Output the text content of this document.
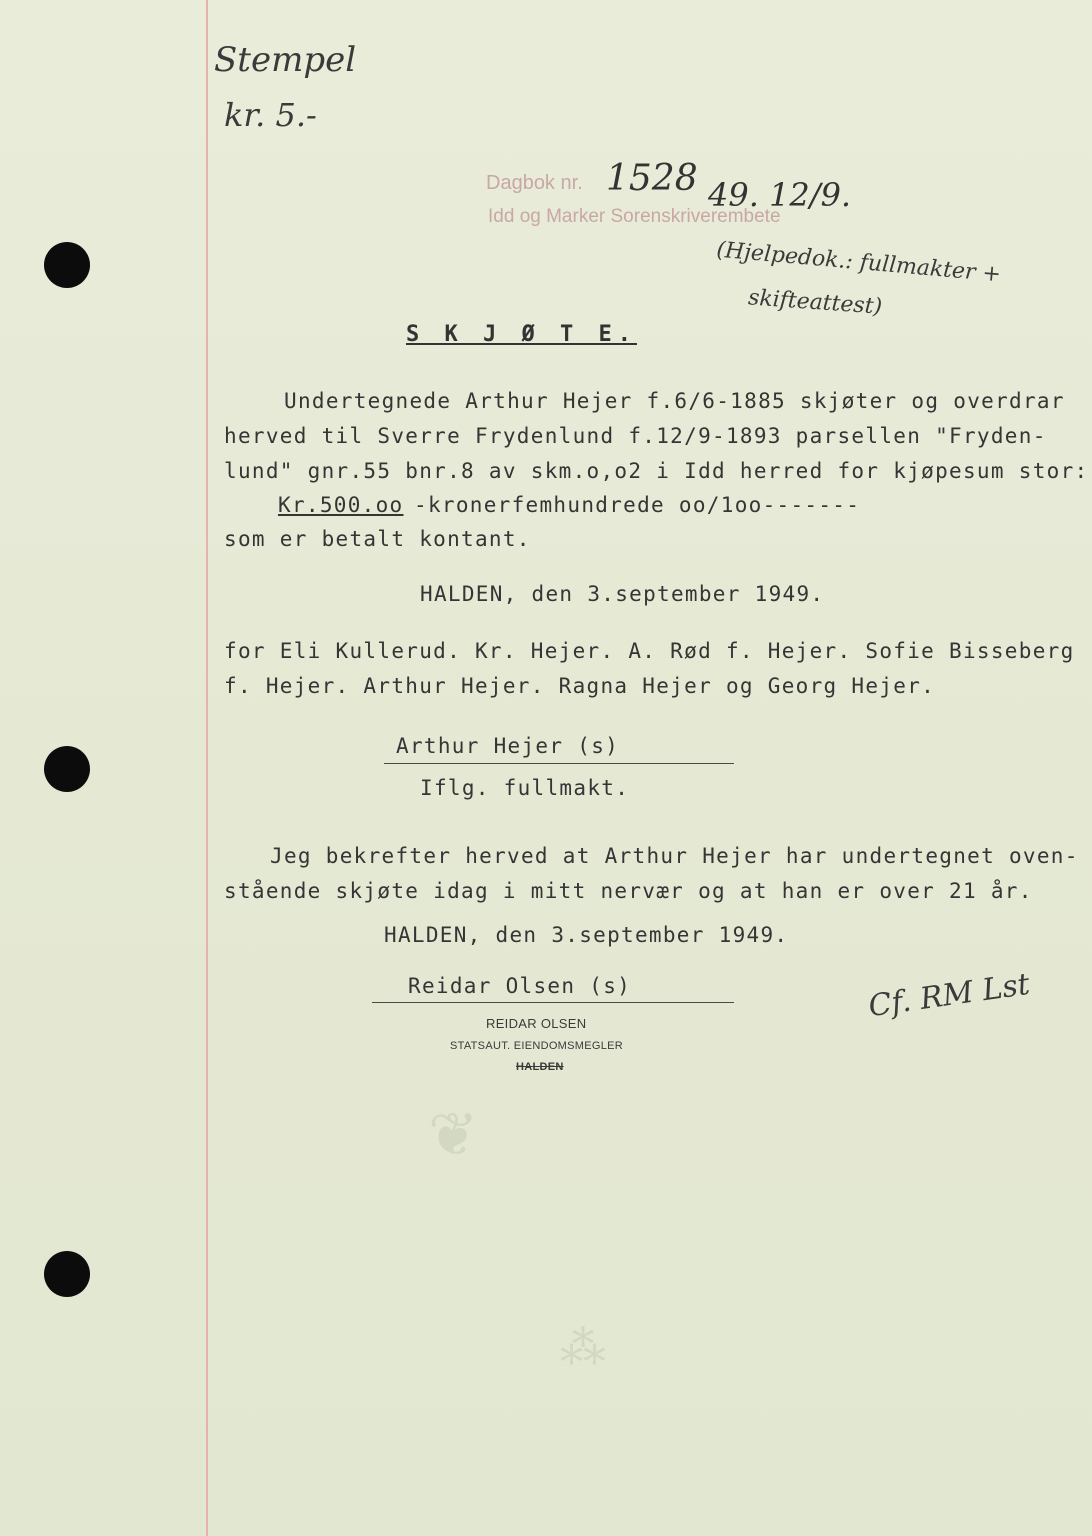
Stempel
kr. 5.-
Dagbok nr. 1528 49. 12/9.
Idd og Marker Sorenskriverembete
(Hjelpedok.: fullmakter +
skifteattest)
S K J Ø T E.
Undertegnede Arthur Hejer f.6/6-1885 skjøter og overdrar
herved til Sverre Frydenlund f.12/9-1893 parsellen "Fryden-
lund" gnr.55 bnr.8 av skm.o,o2 i Idd herred for kjøpesum stor:
Kr.500.oo -kronerfemhundrede oo/1oo-------
som er betalt kontant.
HALDEN, den 3.september 1949.
for Eli Kullerud. Kr. Hejer. A. Rød f. Hejer. Sofie Bisseberg
f. Hejer. Arthur Hejer. Ragna Hejer og Georg Hejer.
Arthur Hejer (s)
Iflg. fullmakt.
Jeg bekrefter herved at Arthur Hejer har undertegnet oven-
stående skjøte idag i mitt nervær og at han er over 21 år.
HALDEN, den 3.september 1949.
Reidar Olsen (s)
REIDAR OLSEN
STATSAUT. EIENDOMSMEGLER
HALDEN
Cf. RM Lst
❦
⁂
